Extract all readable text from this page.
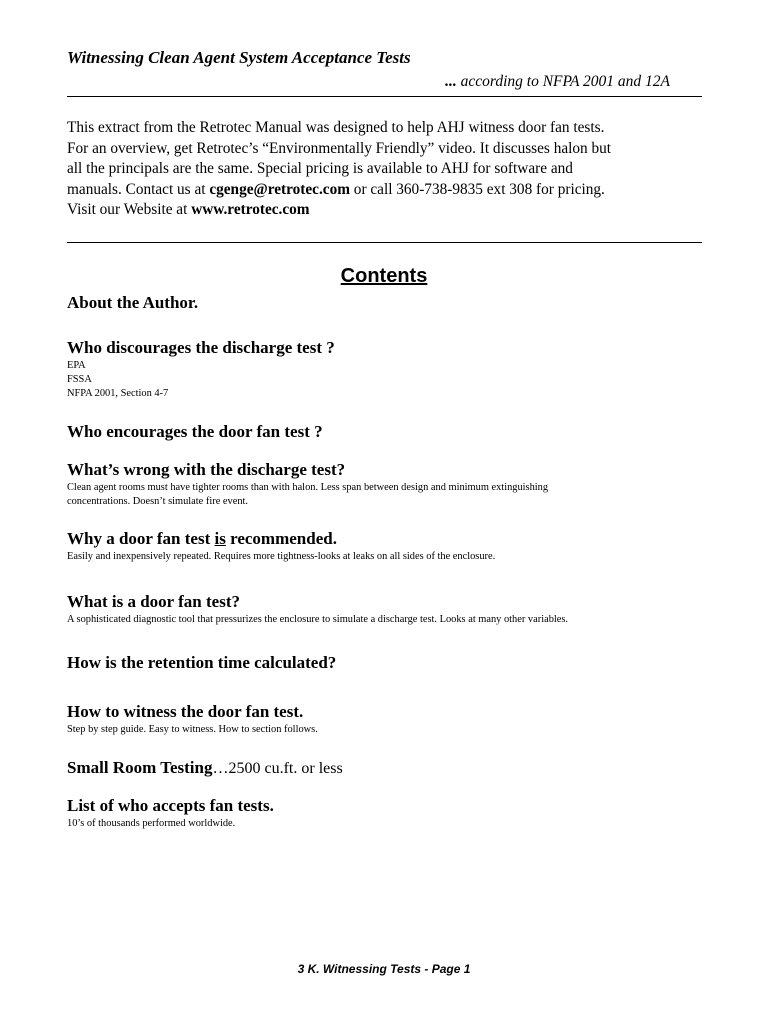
Witnessing Clean Agent System Acceptance Tests
... according to NFPA 2001 and 12A

This extract from the Retrotec Manual was designed to help AHJ witness door fan tests.

For an overview, get Retrotec’s “Environmentally Friendly” video. It discusses halon but

all the principals are the same. Special pricing is available to AHJ for software and

manuals. Contact us at cgenge@retrotec.com or call 360-738-9835 ext 308 for pricing.

Visit our Website at www.retrotec.com

Contents
About the Author.
Who discourages the discharge test ?

EPA

FSSA

NFPA 2001, Section 4-7

Who encourages the door fan test ?
What’s wrong with the discharge test?

Clean agent rooms must have tighter rooms than with halon. Less span between design and minimum extinguishing

concentrations. Doesn’t simulate fire event.

Why a door fan test is recommended.

Easily and inexpensively repeated. Requires more tightness-looks at leaks on all sides of the enclosure.

What is a door fan test?

A sophisticated diagnostic tool that pressurizes the enclosure to simulate a discharge test. Looks at many other variables.

How is the retention time calculated?
How to witness the door fan test.

Step by step guide. Easy to witness. How to section follows.

Small Room Testing…2500 cu.ft. or less
List of who accepts fan tests.

10’s of thousands performed worldwide.

3 K. Witnessing Tests - Page 1
